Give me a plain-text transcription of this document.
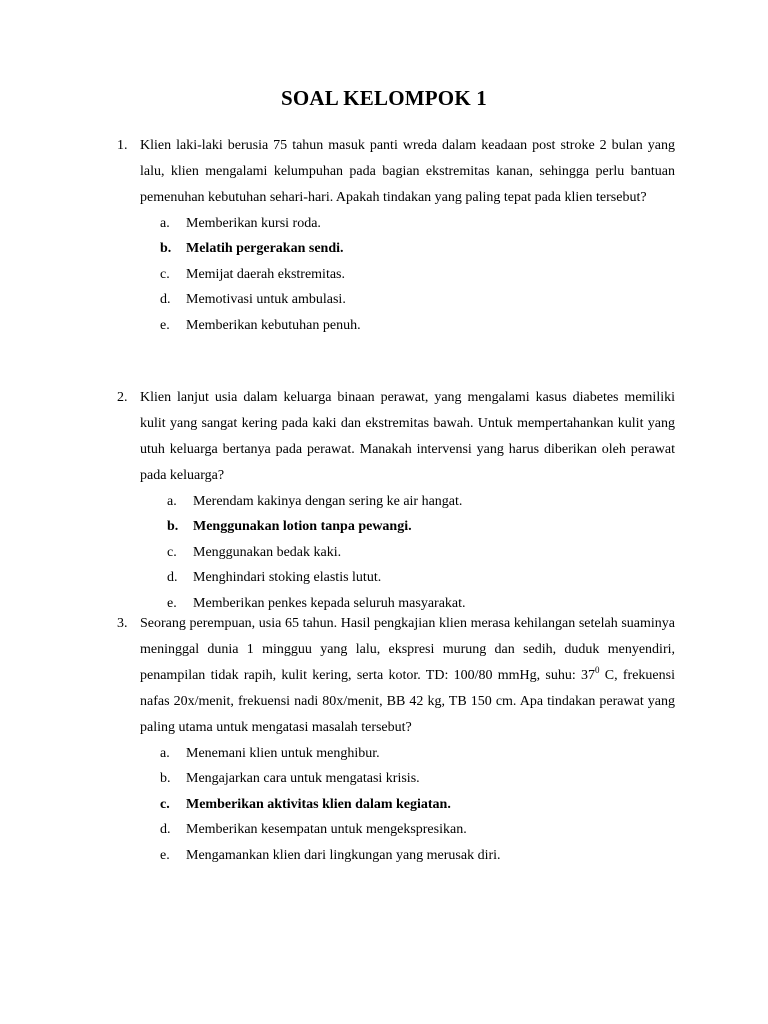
SOAL KELOMPOK 1
1. Klien laki-laki berusia 75 tahun masuk panti wreda dalam keadaan post stroke 2 bulan yang lalu, klien mengalami kelumpuhan pada bagian ekstremitas kanan, sehingga perlu bantuan pemenuhan kebutuhan sehari-hari. Apakah tindakan yang paling tepat pada klien tersebut?
a. Memberikan kursi roda.
b. Melatih pergerakan sendi.
c. Memijat daerah ekstremitas.
d. Memotivasi untuk ambulasi.
e. Memberikan kebutuhan penuh.
2. Klien lanjut usia dalam keluarga binaan perawat, yang mengalami kasus diabetes memiliki kulit yang sangat kering pada kaki dan ekstremitas bawah. Untuk mempertahankan kulit yang utuh keluarga bertanya pada perawat. Manakah intervensi yang harus diberikan oleh perawat pada keluarga?
a. Merendam kakinya dengan sering ke air hangat.
b. Menggunakan lotion tanpa pewangi.
c. Menggunakan bedak kaki.
d. Menghindari stoking elastis lutut.
e. Memberikan penkes kepada seluruh masyarakat.
3. Seorang perempuan, usia 65 tahun. Hasil pengkajian klien merasa kehilangan setelah suaminya meninggal dunia 1 mingguu yang lalu, ekspresi murung dan sedih, duduk menyendiri, penampilan tidak rapih, kulit kering, serta kotor. TD: 100/80 mmHg, suhu: $37^0$ C, frekuensi nafas 20x/menit, frekuensi nadi 80x/menit, BB 42 kg, TB 150 cm. Apa tindakan perawat yang paling utama untuk mengatasi masalah tersebut?
a. Menemani klien untuk menghibur.
b. Mengajarkan cara untuk mengatasi krisis.
c. Memberikan aktivitas klien dalam kegiatan.
d. Memberikan kesempatan untuk mengekspresikan.
e. Mengamankan klien dari lingkungan yang merusak diri.
